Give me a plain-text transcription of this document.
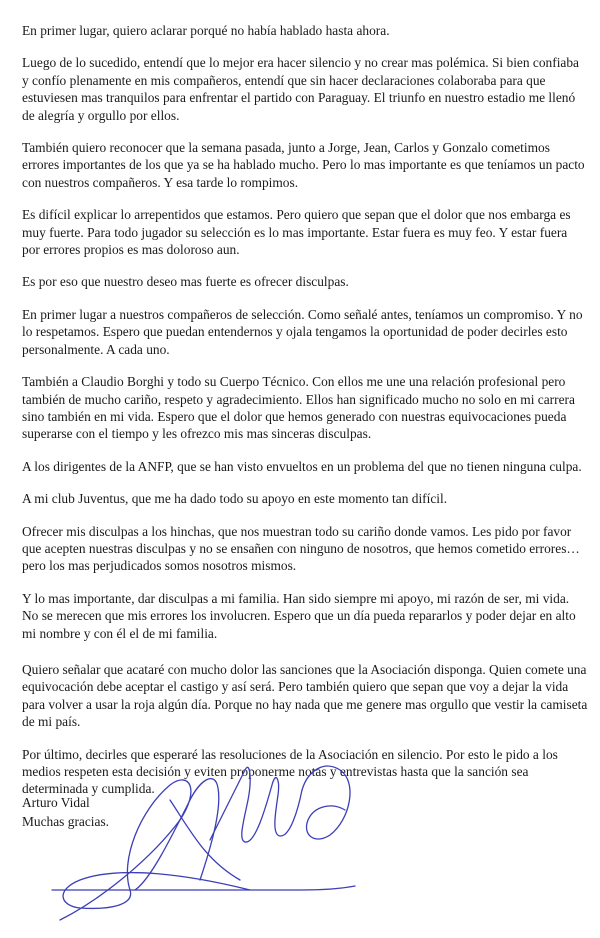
En primer lugar, quiero aclarar porqué no había hablado hasta ahora.

Luego de lo sucedido, entendí que lo mejor era hacer silencio y no crear mas polémica. Si bien confiaba y confío plenamente en mis compañeros, entendí que sin hacer declaraciones colaboraba para que estuviesen mas tranquilos para enfrentar el partido con Paraguay. El triunfo en nuestro estadio me llenó de alegría y orgullo por ellos.

También quiero reconocer que la semana pasada, junto a Jorge, Jean, Carlos y Gonzalo cometimos errores importantes de los que ya se ha hablado mucho. Pero lo mas importante es que teníamos un pacto con nuestros compañeros. Y esa tarde lo rompimos.

Es difícil explicar lo arrepentidos que estamos. Pero quiero que sepan que el dolor que nos embarga es muy fuerte. Para todo jugador su selección es lo mas importante. Estar fuera es muy feo. Y estar fuera por errores propios es mas doloroso aun.

Es por eso que nuestro deseo mas fuerte es ofrecer disculpas.

En primer lugar a nuestros compañeros de selección. Como señalé antes, teníamos un compromiso. Y no lo respetamos. Espero que puedan entendernos y ojala tengamos la oportunidad de poder decirles esto personalmente. A cada uno.

También a Claudio Borghi y todo su Cuerpo Técnico. Con ellos me une una relación profesional pero también de mucho cariño, respeto y agradecimiento. Ellos han significado mucho no solo en mi carrera sino también en mi vida. Espero que el dolor que hemos generado con nuestras equivocaciones pueda superarse con el tiempo y les ofrezco mis mas sinceras disculpas.

A los dirigentes de la ANFP, que se han visto envueltos en un problema del que no tienen ninguna culpa.

A mi club Juventus, que me ha dado todo su apoyo en este momento tan difícil.

Ofrecer mis disculpas a los hinchas, que nos muestran todo su cariño donde vamos. Les pido por favor que acepten nuestras disculpas y no se ensañen con ninguno de nosotros, que hemos cometido errores… pero los mas perjudicados somos nosotros mismos.

Y lo mas importante, dar disculpas a mi familia. Han sido siempre mi apoyo, mi razón de ser, mi vida. No se merecen que mis errores los involucren. Espero que un día pueda repararlos y poder dejar en alto mi nombre y con él el de mi familia.

Quiero señalar que acataré con mucho dolor las sanciones que la Asociación disponga. Quien comete una equivocación debe aceptar el castigo y así será. Pero también quiero que sepan que voy a dejar la vida para volver a usar la roja algún día. Porque no hay nada que me genere mas orgullo que vestir la camiseta de mi país.

Por último, decirles que esperaré las resoluciones de la Asociación en silencio. Por esto le pido a los medios respeten esta decisión y eviten proponerme notas y entrevistas hasta que la sanción sea determinada y cumplida.

Muchas gracias.

Arturo Vidal
